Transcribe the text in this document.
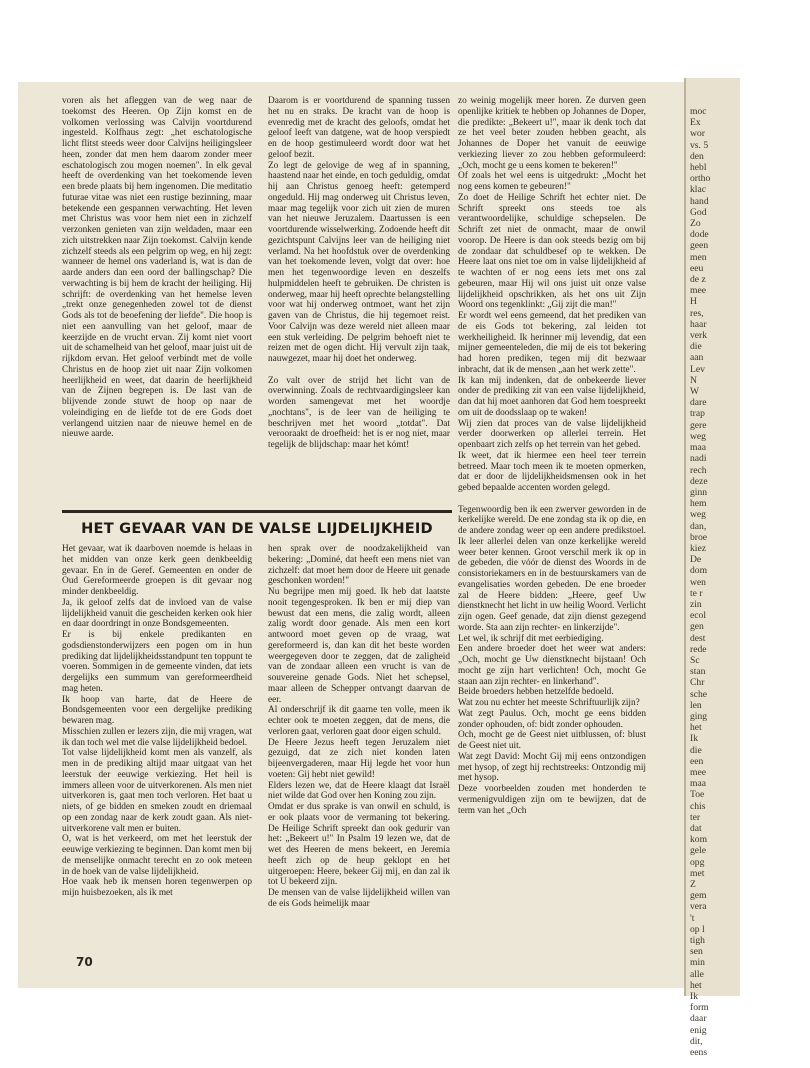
moc
Ex
wor
vs. 5
den
hebl
ortho
klac
hand
God
Zo
dode
geen
men
eeu
de z
mee
H
res,
haar
verk
die
aan
Lev
N
W
dare
trap
gere
weg
maa
nadi
rech
deze
ginn
hem
weg
dan,
broe
kiez
De
dom
wen
te r
zin
ecol
gen
dest
rede
Sc
stan
Chr
sche
len
ging
het
Ik
die
een
mee
maa
Toe
chis
ter
dat
kom
gele
opg
met
Z
gem
vera
't
op l
tigh
sen
min
alle
het
Ik
form
daar
enig
dit,
eens
voren als het afleggen van de weg naar de toekomst des Heeren. Op Zijn komst en de volkomen verlossing was Calvijn voortdurend ingesteld. Kolfhaus zegt: „het eschatologische licht flitst steeds weer door Calvijns heiligingsleer heen, zonder dat men hem daarom zonder meer eschatologisch zou mogen noemen". In elk geval heeft de overdenking van het toekomende leven een brede plaats bij hem ingenomen. Die meditatio futurae vitae was niet een rustige bezinning, maar betekende een gespannen verwachting. Het leven met Christus was voor hem niet een in zichzelf verzonken genieten van zijn weldaden, maar een zich uitstrekken naar Zijn toekomst. Calvijn kende zichzelf steeds als een pelgrim op weg, en hij zegt: wanneer de hemel ons vaderland is, wat is dan de aarde anders dan een oord der ballingschap? Die verwachting is bij hem de kracht der heiliging. Hij schrijft: de overdenking van het hemelse leven „trekt onze genegenheden zowel tot de dienst Gods als tot de beoefening der liefde". Die hoop is niet een aanvulling van het geloof, maar de keerzijde en de vrucht ervan. Zij komt niet voort uit de schamelheid van het geloof, maar juist uit de rijkdom ervan. Het geloof verbindt met de volle Christus en de hoop ziet uit naar Zijn volkomen heerlijkheid en weet, dat daarin de heerlijkheid van de Zijnen begrepen is. De last van de blijvende zonde stuwt de hoop op naar de voleindiging en de liefde tot de ere Gods doet verlangend uitzien naar de nieuwe hemel en de nieuwe aarde.
Daarom is er voortdurend de spanning tussen het nu en straks. De kracht van de hoop is evenredig met de kracht des geloofs, omdat het geloof leeft van datgene, wat de hoop verspiedt en de hoop gestimuleerd wordt door wat het geloof bezit.
Zo legt de gelovige de weg af in spanning, haastend naar het einde, en toch geduldig, omdat hij aan Christus genoeg heeft: getemperd ongeduld. Hij mag onderweg uit Christus leven, maar mag tegelijk voor zich uit zien de muren van het nieuwe Jeruzalem. Daartussen is een voortdurende wisselwerking. Zodoende heeft dit gezichtspunt Calvijns leer van de heiliging niet verlamd. Na het hoofdstuk over de overdenking van het toekomende leven, volgt dat over: hoe men het tegenwoordige leven en deszelfs hulpmiddelen heeft te gebruiken. De christen is onderweg, maar hij heeft oprechte belangstelling voor wat hij onderweg ontmoet, want het zijn gaven van de Christus, die hij tegemoet reist. Voor Calvijn was deze wereld niet alleen maar een stuk verleiding. De pelgrim behoeft niet te reizen met de ogen dicht. Hij vervult zijn taak, nauwgezet, maar hij doet het onderweg.

Zo valt over de strijd het licht van de overwinning. Zoals de rechtvaardigingsleer kan worden samengevat met het woordje „nochtans", is de leer van de heiliging te beschrijven met het woord „totdat". Dat verooraakt de droefheid: het is er nog niet, maar tegelijk de blijdschap: maar het kómt!
zo weinig mogelijk meer horen. Ze durven geen openlijke kritiek te hebben op Johannes de Doper, die predikte: „Bekeert u!", maar ik denk toch dat ze het veel beter zouden hebben geacht, als Johannes de Doper het vanuit de eeuwige verkiezing liever zo zou hebben geformuleerd: „Och, mocht ge u eens komen te bekeren!"
Of zoals het wel eens is uitgedrukt: „Mocht het nog eens komen te gebeuren!"
Zo doet de Heilige Schrift het echter niet. De Schrift spreekt ons steeds toe als verantwoordelijke, schuldige schepselen. De Schrift zet niet de onmacht, maar de onwil voorop. De Heere is dan ook steeds bezig om bij de zondaar dat schuldbesef op te wekken. De Heere laat ons niet toe om in valse lijdelijkheid af te wachten of er nog eens iets met ons zal gebeuren, maar Hij wil ons juist uit onze valse lijdelijkheid opschrikken, als het ons uit Zijn Woord ons tegenklinkt: „Gij zijt die man!"
Er wordt wel eens gemeend, dat het prediken van de eis Gods tot bekering, zal leiden tot werkheiligheid. Ik herinner mij levendig, dat een mijner gemeenteleden, die mij de eis tot bekering had horen prediken, tegen mij dit bezwaar inbracht, dat ik de mensen „aan het werk zette".
Ik kan mij indenken, dat de onbekeerde liever onder de prediking zit van een valse lijdelijkheid, dan dat hij moet aanhoren dat God hem toespreekt om uit de doodsslaap op te waken!
Wij zien dat proces van de valse lijdelijkheid verder doorwerken op allerlei terrein. Het openbaart zich zelfs op het terrein van het gebed.
Ik weet, dat ik hiermee een heel teer terrein betreed. Maar toch meen ik te moeten opmerken, dat er door de lijdelijkheidsmensen ook in het gebed bepaalde accenten worden gelegd.

Tegenwoordig ben ik een zwerver geworden in de kerkelijke wereld. De ene zondag sta ik op die, en de andere zondag weer op een andere predikstoel. Ik leer allerlei delen van onze kerkelijke wereld weer beter kennen. Groot verschil merk ik op in de gebeden, die vóór de dienst des Woords in de consistoriekamers en in de bestuurskamers van de evangelisaties worden gebeden. De ene broeder zal de Heere bidden: „Heere, geef Uw dienstknecht het licht in uw heilig Woord. Verlicht zijn ogen. Geef genade, dat zijn dienst gezegend worde. Sta aan zijn rechter- en linkerzijde".
Let wel, ik schrijf dit met eerbiediging.
Een andere broeder doet het weer wat anders: „Och, mocht ge Uw dienstknecht bijstaan! Och mocht ge zijn hart verlichten! Och, mocht Ge staan aan zijn rechter- en linkerhand".
Beide broeders hebben hetzelfde bedoeld.
Wat zou nu echter het meeste Schriftuurlijk zijn?
Wat zegt Paulus. Och, mocht ge eens bidden zonder ophouden, of: bidt zonder ophouden.
Och, mocht ge de Geest niet uitblussen, of: blust de Geest niet uit.
Wat zegt David: Mocht Gij mij eens ontzondigen met hysop, of zegt hij rechtstreeks: Ontzondig mij met hysop.
Deze voorbeelden zouden met honderden te vermenigvuldigen zijn om te bewijzen, dat de term van het „Och
HET GEVAAR VAN DE VALSE LIJDELIJKHEID
Het gevaar, wat ik daarboven noemde is helaas in het midden van onze kerk geen denkbeeldig gevaar. En in de Geref. Gemeenten en onder de Oud Gereformeerde groepen is dit gevaar nog minder denkbeeldig.
Ja, ik geloof zelfs dat de invloed van de valse lijdelijkheid vanuit die gescheiden kerken ook hier en daar doordringt in onze Bondsgemeenten.
Er is bij enkele predikanten en godsdienstonderwijzers een pogen om in hun prediking dat lijdelijkheidsstandpunt ten toppunt te voeren. Sommigen in de gemeente vinden, dat iets dergelijks een summum van gereformeerdheid mag heten.
Ik hoop van harte, dat de Heere de Bondsgemeenten voor een dergelijke prediking bewaren mag.
Misschien zullen er lezers zijn, die mij vragen, wat ik dan toch wel met die valse lijdelijkheid bedoel.
Tot valse lijdelijkheid komt men als vanzelf, als men in de prediking altijd maar uitgaat van het leerstuk der eeuwige verkiezing. Het heil is immers alleen voor de uitverkorenen. Als men niet uitverkoren is, gaat men toch verloren. Het baat u niets, of ge bidden en smeken zoudt en driemaal op een zondag naar de kerk zoudt gaan. Als niet-uitverkorene valt men er buiten.
O, wat is het verkeerd, om met het leerstuk der eeuwige verkiezing te beginnen. Dan komt men bij de menselijke onmacht terecht en zo ook meteen in de hoek van de valse lijdelijkheid.
Hoe vaak heb ik mensen horen tegenwerpen op mijn huisbezoeken, als ik met
hen sprak over de noodzakelijkheid van bekering: „Dominé, dat heeft een mens niet van zichzelf: dat moet hem door de Heere uit genade geschonken worden!"
Nu begrijpe men mij goed. Ik heb dat laatste nooit tegengesproken. Ik ben er mij diep van bewust dat een mens, die zalig wordt, alleen zalig wordt door genade. Als men een kort antwoord moet geven op de vraag, wat gereformeerd is, dan kan dit het beste worden weergegeven door te zeggen, dat de zaligheid van de zondaar alleen een vrucht is van de souvereine genade Gods. Niet het schepsel, maar alleen de Schepper ontvangt daarvan de eer.
Al onderschrijf ik dit gaarne ten volle, meen ik echter ook te moeten zeggen, dat de mens, die verloren gaat, verloren gaat door eigen schuld.
De Heere Jezus heeft tegen Jeruzalem niet gezuigd, dat ze zich niet konden laten bijeenvergaderen, maar Hij legde het voor hun voeten: Gij hebt niet gewild!
Elders lezen we, dat de Heere klaagt dat Israël niet wilde dat God over hen Koning zou zijn.
Omdat er dus sprake is van onwil en schuld, is er ook plaats voor de vermaning tot bekering. De Heilige Schrift spreekt dan ook geduriг van het: „Bekeert u!" In Psalm 19 lezen we, dat de wet des Heeren de mens bekeert, en Jeremia heeft zich op de heup geklopt en het uitgeroepen: Heere, bekeer Gij mij, en dan zal ik tot U bekeerd zijn.
De mensen van de valse lijdelijkheid willen van de eis Gods heimelijk maar
70
